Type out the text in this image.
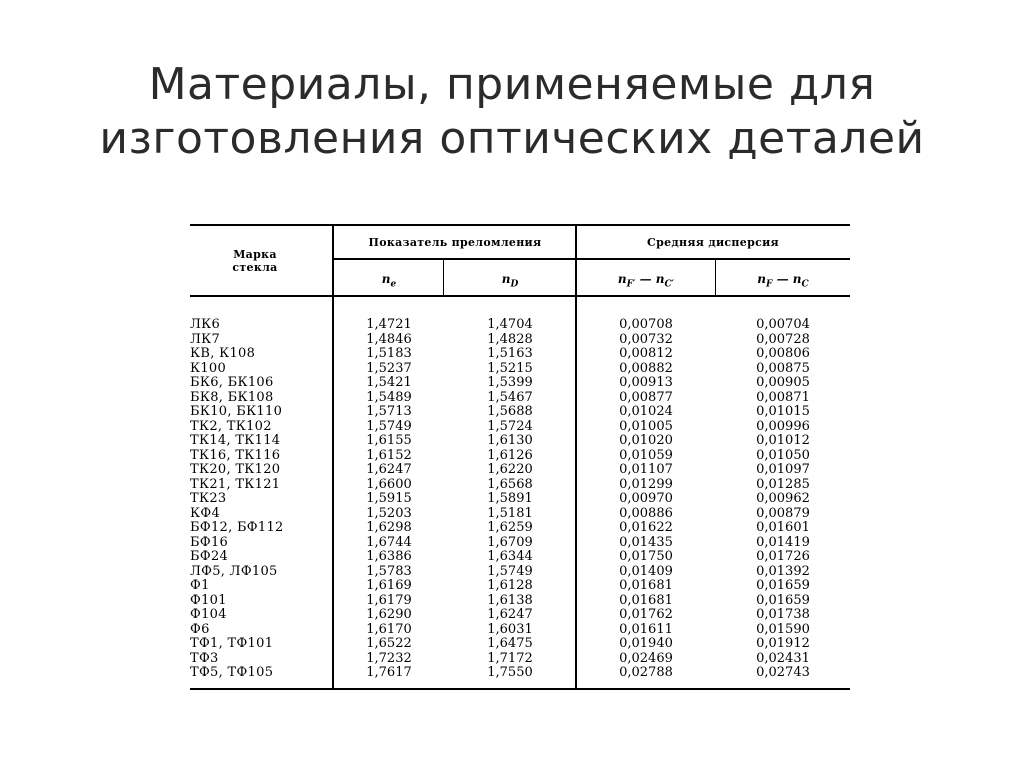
Материалы, применяемые для
изготовления оптических деталей
Марка стекла
Показатель преломления	Средняя дисперсия
$n_e$	$n_D$	$n_{F'}$ — $n_{C'}$	$n_F$ — $n_C$
ЛК6	1,4721	1,4704	0,00708	0,00704
ЛК7	1,4846	1,4828	0,00732	0,00728
КВ, К108	1,5183	1,5163	0,00812	0,00806
К100	1,5237	1,5215	0,00882	0,00875
БК6, БК106	1,5421	1,5399	0,00913	0,00905
БК8, БК108	1,5489	1,5467	0,00877	0,00871
БК10, БК110	1,5713	1,5688	0,01024	0,01015
ТК2, ТК102	1,5749	1,5724	0,01005	0,00996
ТК14, ТК114	1,6155	1,6130	0,01020	0,01012
ТК16, ТК116	1,6152	1,6126	0,01059	0,01050
ТК20, ТК120	1,6247	1,6220	0,01107	0,01097
ТК21, ТК121	1,6600	1,6568	0,01299	0,01285
ТК23	1,5915	1,5891	0,00970	0,00962
КФ4	1,5203	1,5181	0,00886	0,00879
БФ12, БФ112	1,6298	1,6259	0,01622	0,01601
БФ16	1,6744	1,6709	0,01435	0,01419
БФ24	1,6386	1,6344	0,01750	0,01726
ЛФ5, ЛФ105	1,5783	1,5749	0,01409	0,01392
Ф1	1,6169	1,6128	0,01681	0,01659
Ф101	1,6179	1,6138	0,01681	0,01659
Ф104	1,6290	1,6247	0,01762	0,01738
Ф6	1,6170	1,6031	0,01611	0,01590
ТФ1, ТФ101	1,6522	1,6475	0,01940	0,01912
ТФ3	1,7232	1,7172	0,02469	0,02431
ТФ5, ТФ105	1,7617	1,7550	0,02788	0,02743
